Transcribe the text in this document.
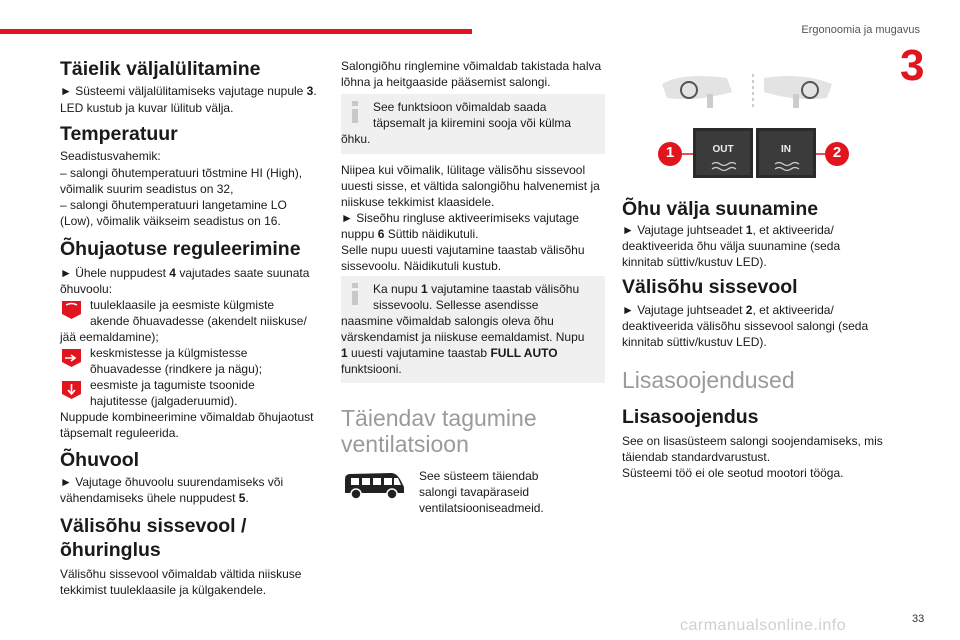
Ergonoomia ja mugavus
3
Täielik väljalülitamine

► Süsteemi väljalülitamiseks vajutage nupule 3.

LED kustub ja kuvar lülitub välja.

Temperatuur

Seadistusvahemik:

– salongi õhutemperatuuri tõstmine HI (High),

võimalik suurim seadistus on 32,

– salongi õhutemperatuuri langetamine LO

(Low), võimalik väikseim seadistus on 16.

Õhujaotuse reguleerimine

► Ühele nuppudest 4 vajutades saate suunata

õhuvoolu:

tuuleklaasile ja eesmiste külgmiste

akende õhuavadesse (akendelt niiskuse/

jää eemaldamine);

keskmistesse ja külgmistesse

õhuavadesse (rindkere ja nägu);

eesmiste ja tagumiste tsoonide

hajutitesse (jalgaderuumid).

Nuppude kombineerimine võimaldab õhujaotust

täpsemalt reguleerida.

Õhuvool

► Vajutage õhuvoolu suurendamiseks või

vähendamiseks ühele nuppudest 5.

Välisõhu sissevool /
õhuringlus

Välisõhu sissevool võimaldab vältida niiskuse

tekkimist tuuleklaasile ja külgakendele.

Salongiõhu ringlemine võimaldab takistada halva

lõhna ja heitgaaside pääsemist salongi.

See funktsioon võimaldab saada

täpsemalt ja kiiremini sooja või külma

õhku.

Niipea kui võimalik, lülitage välisõhu sissevool

uuesti sisse, et vältida salongiõhu halvenemist ja

niiskuse tekkimist klaasidele.

► Siseõhu ringluse aktiveerimiseks vajutage

nuppu 6 Süttib näidikutuli.

Selle nupu uuesti vajutamine taastab välisõhu

sissevoolu. Näidikutuli kustub.

Ka nupu 1 vajutamine taastab välisõhu

sissevoolu. Sellesse asendisse

naasmine võimaldab salongis oleva õhu

värskendamist ja niiskuse eemaldamist. Nupu

1 uuesti vajutamine taastab FULL AUTO

funktsiooni.

Täiendav tagumine
ventilatsioon

See süsteem täiendab

salongi tavapäraseid

ventilatsiooniseadmeid.

OUT	IN
1	2
Õhu välja suunamine

► Vajutage juhtseadet 1, et aktiveerida/

deaktiveerida õhu välja suunamine (seda

kinnitab süttiv/kustuv LED).

Välisõhu sissevool

► Vajutage juhtseadet 2, et aktiveerida/

deaktiveerida välisõhu sissevool salongi (seda

kinnitab süttiv/kustuv LED).

Lisasoojendused
Lisasoojendus

See on lisasüsteem salongi soojendamiseks, mis

täiendab standardvarustust.

Süsteemi töö ei ole seotud mootori tööga.

carmanualsonline.info	33
